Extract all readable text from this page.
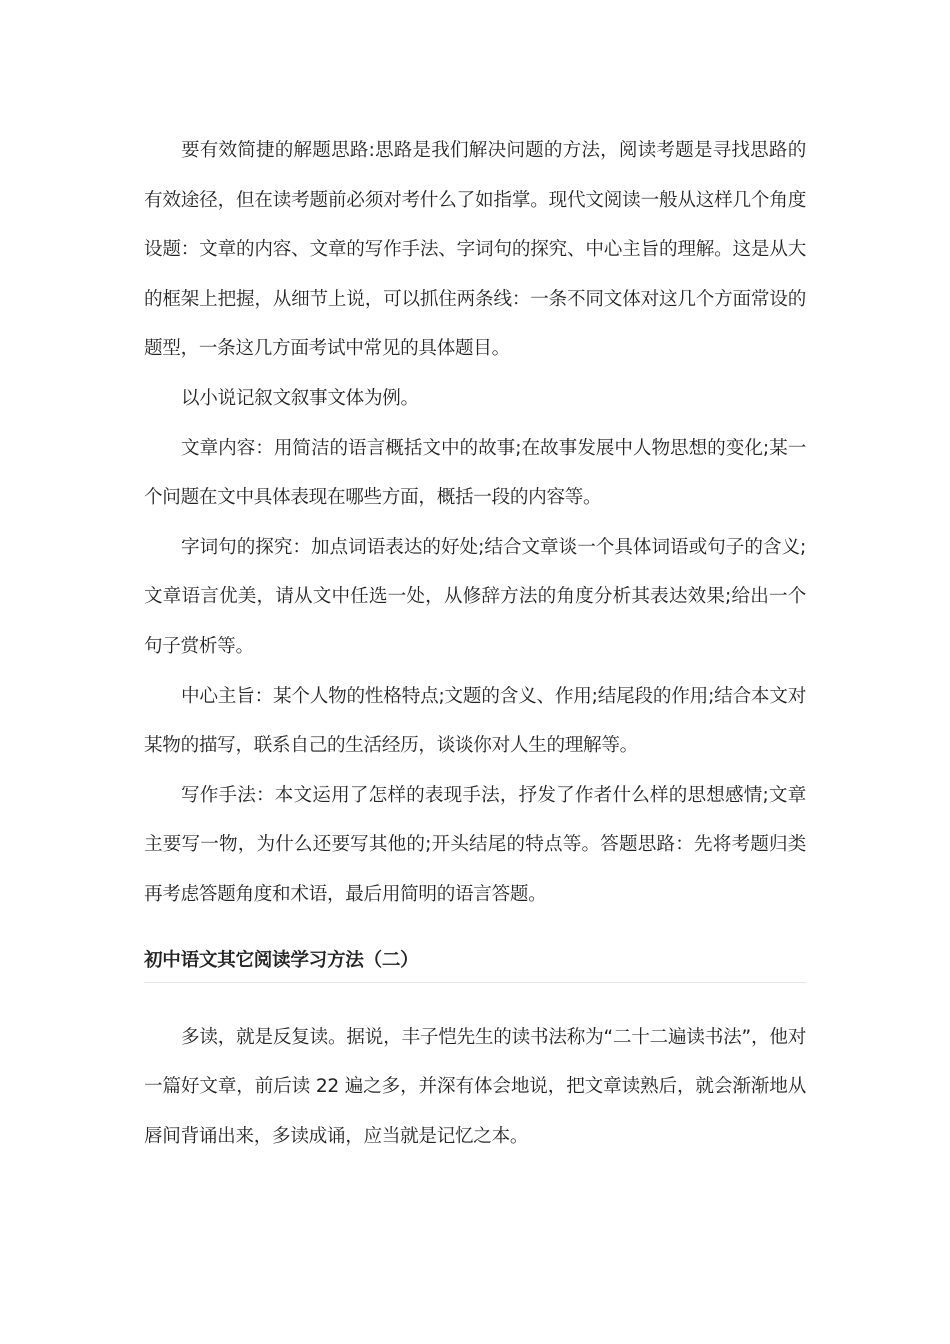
要有效简捷的解题思路:思路是我们解决问题的方法，阅读考题是寻找思路的有效途径，但在读考题前必须对考什么了如指掌。现代文阅读一般从这样几个角度设题：文章的内容、文章的写作手法、字词句的探究、中心主旨的理解。这是从大的框架上把握，从细节上说，可以抓住两条线：一条不同文体对这几个方面常设的 题型，一条这几方面考试中常见的具体题目。

以小说记叙文叙事文体为例。

文章内容：用简洁的语言概括文中的故事;在故事发展中人物思想的变化;某一个问题在文中具体表现在哪些方面，概括一段的内容等。

字词句的探究：加点词语表达的好处;结合文章谈一个具体词语或句子的含义;文章语言优美，请从文中任选一处，从修辞方法的角度分析其表达效果;给出一个句子赏析等。

中心主旨：某个人物的性格特点;文题的含义、作用;结尾段的作用;结合本文对某物的描写，联系自己的生活经历，谈谈你对人生的理解等。

写作手法：本文运用了怎样的表现手法，抒发了作者什么样的思想感情;文章主要写一物，为什么还要写其他的;开头结尾的特点等。答题思路：先将考题归类再考虑答题角度和术语，最后用简明的语言答题。

初中语文其它阅读学习方法（二）

多读，就是反复读。据说，丰子恺先生的读书法称为“二十二遍读书法”，他对一篇好文章，前后读 22 遍之多，并深有体会地说，把文章读熟后，就会渐渐地从唇间背诵出来，多读成诵，应当就是记忆之本。
